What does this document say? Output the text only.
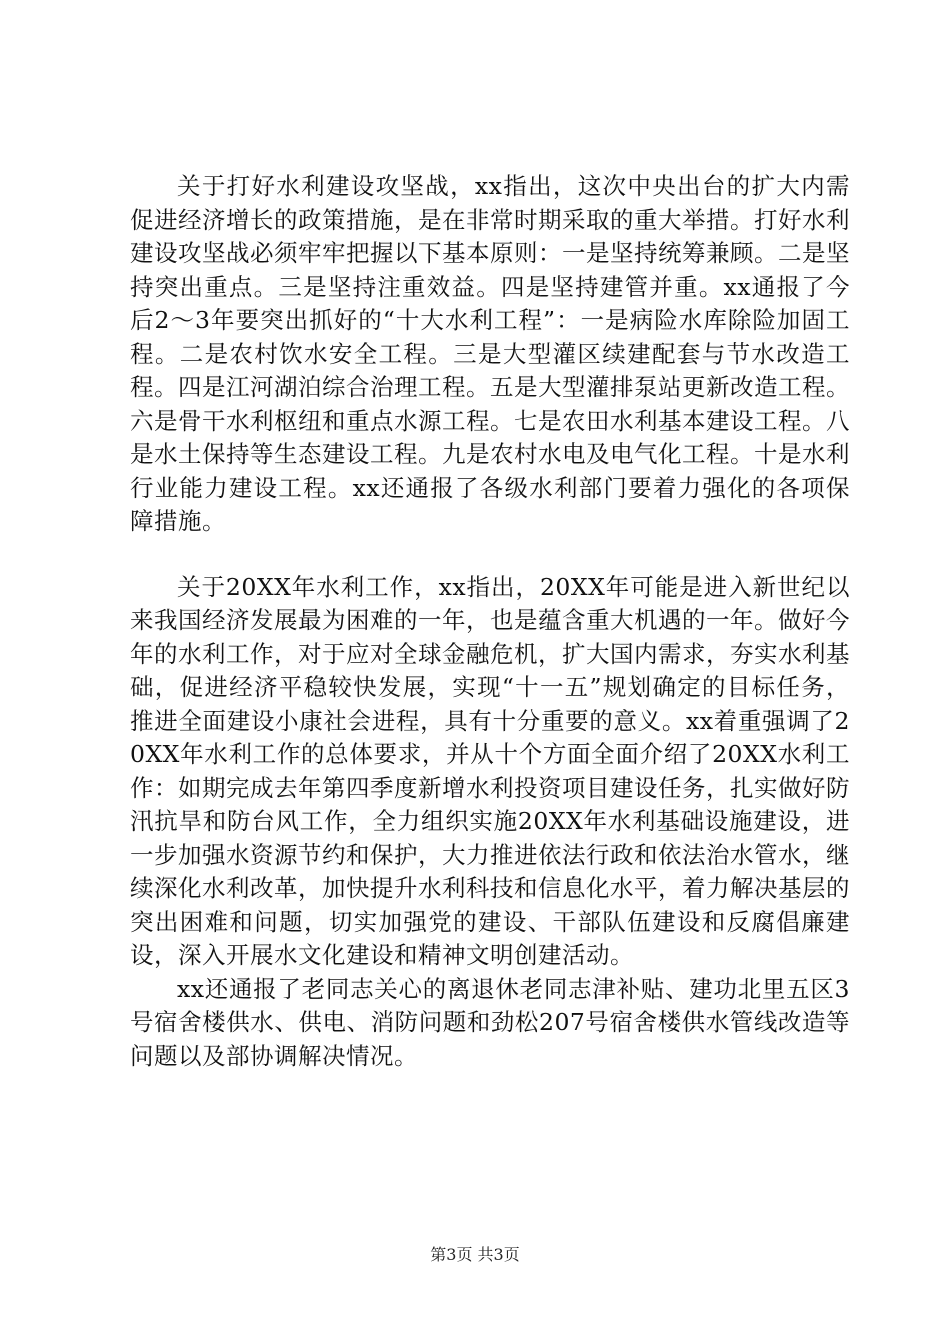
关于打好水利建设攻坚战，xx指出，这次中央出台的扩大内需促进经济增长的政策措施，是在非常时期采取的重大举措。打好水利建设攻坚战必须牢牢把握以下基本原则：一是坚持统筹兼顾。二是坚持突出重点。三是坚持注重效益。四是坚持建管并重。xx通报了今后2～3年要突出抓好的“十大水利工程”：一是病险水库除险加固工程。二是农村饮水安全工程。三是大型灌区续建配套与节水改造工程。四是江河湖泊综合治理工程。五是大型灌排泵站更新改造工程。六是骨干水利枢纽和重点水源工程。七是农田水利基本建设工程。八是水土保持等生态建设工程。九是农村水电及电气化工程。十是水利行业能力建设工程。xx还通报了各级水利部门要着力强化的各项保障措施。

关于20XX年水利工作，xx指出，20XX年可能是进入新世纪以来我国经济发展最为困难的一年，也是蕴含重大机遇的一年。做好今年的水利工作，对于应对全球金融危机，扩大国内需求，夯实水利基础，促进经济平稳较快发展，实现“十一五”规划确定的目标任务，推进全面建设小康社会进程，具有十分重要的意义。xx着重强调了20XX年水利工作的总体要求，并从十个方面全面介绍了20XX水利工作：如期完成去年第四季度新增水利投资项目建设任务，扎实做好防汛抗旱和防台风工作，全力组织实施20XX年水利基础设施建设，进一步加强水资源节约和保护，大力推进依法行政和依法治水管水，继续深化水利改革，加快提升水利科技和信息化水平，着力解决基层的突出困难和问题，切实加强党的建设、干部队伍建设和反腐倡廉建设，深入开展水文化建设和精神文明创建活动。

xx还通报了老同志关心的离退休老同志津补贴、建功北里五区3号宿舍楼供水、供电、消防问题和劲松207号宿舍楼供水管线改造等问题以及部协调解决情况。

第3页 共3页
